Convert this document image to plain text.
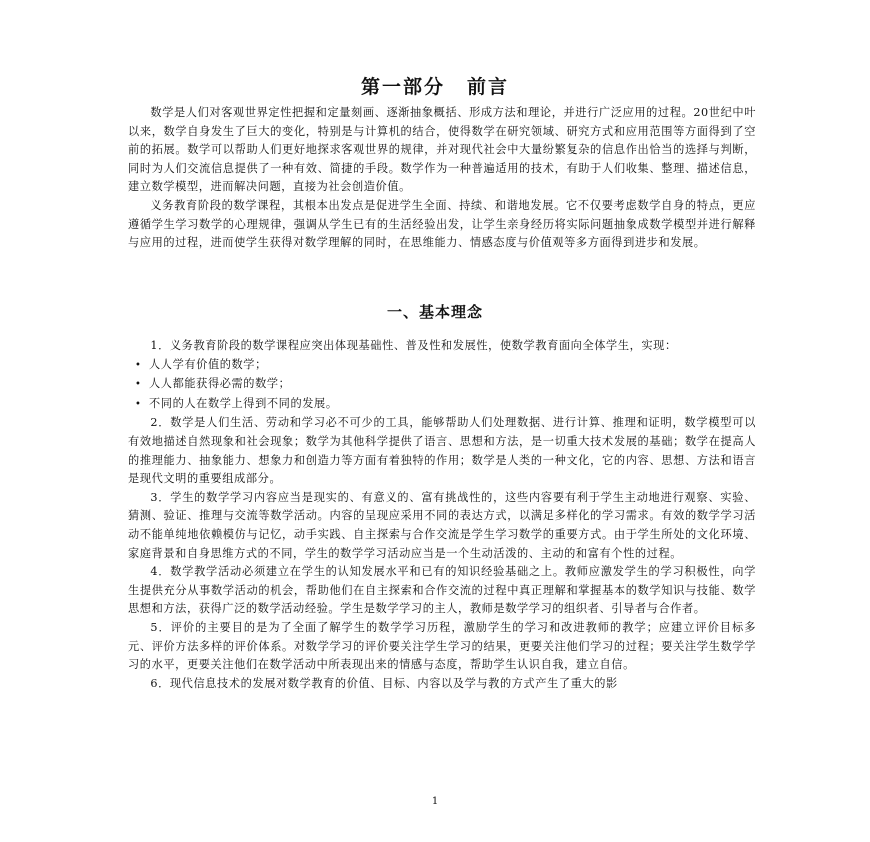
第一部分 前言

数学是人们对客观世界定性把握和定量刻画、逐渐抽象概括、形成方法和理论，并进行广泛应用的过程。20世纪中叶以来，数学自身发生了巨大的变化，特别是与计算机的结合，使得数学在研究领域、研究方式和应用范围等方面得到了空前的拓展。数学可以帮助人们更好地探求客观世界的规律，并对现代社会中大量纷繁复杂的信息作出恰当的选择与判断，同时为人们交流信息提供了一种有效、简捷的手段。数学作为一种普遍适用的技术，有助于人们收集、整理、描述信息，建立数学模型，进而解决问题，直接为社会创造价值。

义务教育阶段的数学课程，其根本出发点是促进学生全面、持续、和谐地发展。它不仅要考虑数学自身的特点，更应遵循学生学习数学的心理规律，强调从学生已有的生活经验出发，让学生亲身经历将实际问题抽象成数学模型并进行解释与应用的过程，进而使学生获得对数学理解的同时，在思维能力、情感态度与价值观等多方面得到进步和发展。

一、基本理念

1．义务教育阶段的数学课程应突出体现基础性、普及性和发展性，使数学教育面向全体学生，实现：

• 人人学有价值的数学；
• 人人都能获得必需的数学；
• 不同的人在数学上得到不同的发展。

2．数学是人们生活、劳动和学习必不可少的工具，能够帮助人们处理数据、进行计算、推理和证明，数学模型可以有效地描述自然现象和社会现象；数学为其他科学提供了语言、思想和方法，是一切重大技术发展的基础；数学在提高人的推理能力、抽象能力、想象力和创造力等方面有着独特的作用；数学是人类的一种文化，它的内容、思想、方法和语言是现代文明的重要组成部分。

3．学生的数学学习内容应当是现实的、有意义的、富有挑战性的，这些内容要有利于学生主动地进行观察、实验、猜测、验证、推理与交流等数学活动。内容的呈现应采用不同的表达方式，以满足多样化的学习需求。有效的数学学习活动不能单纯地依赖模仿与记忆，动手实践、自主探索与合作交流是学生学习数学的重要方式。由于学生所处的文化环境、家庭背景和自身思维方式的不同，学生的数学学习活动应当是一个生动活泼的、主动的和富有个性的过程。

4．数学教学活动必须建立在学生的认知发展水平和已有的知识经验基础之上。教师应激发学生的学习积极性，向学生提供充分从事数学活动的机会，帮助他们在自主探索和合作交流的过程中真正理解和掌握基本的数学知识与技能、数学思想和方法，获得广泛的数学活动经验。学生是数学学习的主人，教师是数学学习的组织者、引导者与合作者。

5．评价的主要目的是为了全面了解学生的数学学习历程，激励学生的学习和改进教师的教学；应建立评价目标多元、评价方法多样的评价体系。对数学学习的评价要关注学生学习的结果，更要关注他们学习的过程；要关注学生数学学习的水平，更要关注他们在数学活动中所表现出来的情感与态度，帮助学生认识自我，建立自信。

6．现代信息技术的发展对数学教育的价值、目标、内容以及学与教的方式产生了重大的影

1
